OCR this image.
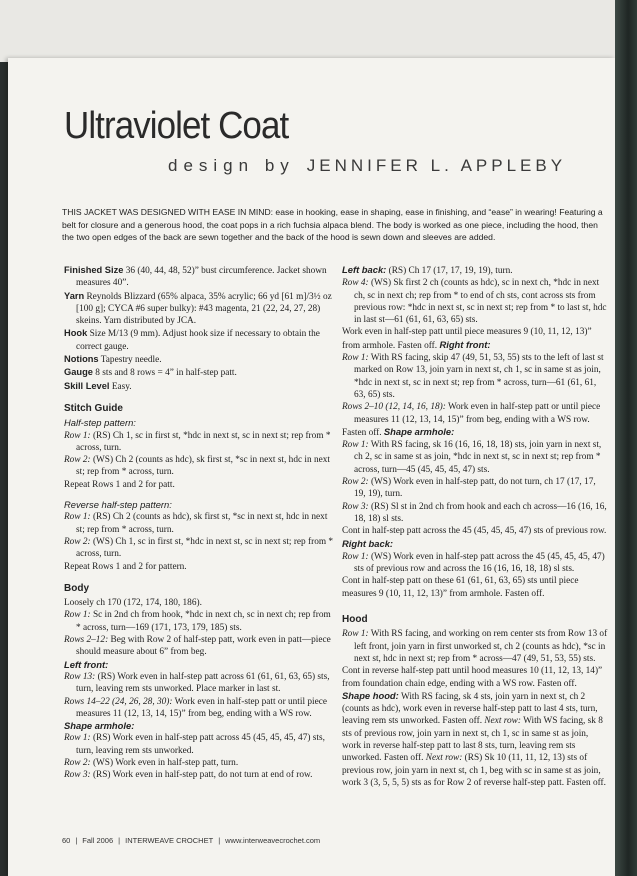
Ultraviolet Coat
design by JENNIFER L. APPLEBY
THIS JACKET WAS DESIGNED WITH EASE IN MIND: ease in hooking, ease in shaping, ease in finishing, and “ease” in wearing! Featuring a belt for closure and a generous hood, the coat pops in a rich fuchsia alpaca blend. The body is worked as one piece, including the hood, then the two open edges of the back are sewn together and the back of the hood is sewn down and sleeves are added.

Finished Size 36 (40, 44, 48, 52)” bust circumference. Jacket shown measures 40”.

Yarn Reynolds Blizzard (65% alpaca, 35% acrylic; 66 yd [61 m]/3½ oz [100 g]; CYCA #6 super bulky): #43 magenta, 21 (22, 24, 27, 28) skeins. Yarn distributed by JCA.

Hook Size M/13 (9 mm). Adjust hook size if necessary to obtain the correct gauge.

Notions Tapestry needle.

Gauge 8 sts and 8 rows = 4” in half-step patt.

Skill Level Easy.

Stitch Guide

Half-step pattern:

Row 1: (RS) Ch 1, sc in first st, *hdc in next st, sc in next st; rep from * across, turn.

Row 2: (WS) Ch 2 (counts as hdc), sk first st, *sc in next st, hdc in next st; rep from * across, turn.

Repeat Rows 1 and 2 for patt.

Reverse half-step pattern:

Row 1: (RS) Ch 2 (counts as hdc), sk first st, *sc in next st, hdc in next st; rep from * across, turn.

Row 2: (WS) Ch 1, sc in first st, *hdc in next st, sc in next st; rep from * across, turn.

Repeat Rows 1 and 2 for pattern.

Body

Loosely ch 170 (172, 174, 180, 186).

Row 1: Sc in 2nd ch from hook, *hdc in next ch, sc in next ch; rep from * across, turn—169 (171, 173, 179, 185) sts.

Rows 2–12: Beg with Row 2 of half-step patt, work even in patt—piece should measure about 6” from beg.

Left front:

Row 13: (RS) Work even in half-step patt across 61 (61, 61, 63, 65) sts, turn, leaving rem sts unworked. Place marker in last st.

Rows 14–22 (24, 26, 28, 30): Work even in half-step patt or until piece measures 11 (12, 13, 14, 15)” from beg, ending with a WS row.

Shape armhole:

Row 1: (RS) Work even in half-step patt across 45 (45, 45, 45, 47) sts, turn, leaving rem sts unworked.

Row 2: (WS) Work even in half-step patt, turn.

Row 3: (RS) Work even in half-step patt, do not turn at end of row.

Left back: (RS) Ch 17 (17, 17, 19, 19), turn.

Row 4: (WS) Sk first 2 ch (counts as hdc), sc in next ch, *hdc in next ch, sc in next ch; rep from * to end of ch sts, cont across sts from previous row: *hdc in next st, sc in next st; rep from * to last st, hdc in last st—61 (61, 61, 63, 65) sts.

Work even in half-step patt until piece measures 9 (10, 11, 12, 13)” from armhole. Fasten off. Right front:

Row 1: With RS facing, skip 47 (49, 51, 53, 55) sts to the left of last st marked on Row 13, join yarn in next st, ch 1, sc in same st as join, *hdc in next st, sc in next st; rep from * across, turn—61 (61, 61, 63, 65) sts.

Rows 2–10 (12, 14, 16, 18): Work even in half-step patt or until piece measures 11 (12, 13, 14, 15)” from beg, ending with a WS row.

Fasten off. Shape armhole:

Row 1: With RS facing, sk 16 (16, 16, 18, 18) sts, join yarn in next st, ch 2, sc in same st as join, *hdc in next st, sc in next st; rep from * across, turn—45 (45, 45, 45, 47) sts.

Row 2: (WS) Work even in half-step patt, do not turn, ch 17 (17, 17, 19, 19), turn.

Row 3: (RS) Sl st in 2nd ch from hook and each ch across—16 (16, 16, 18, 18) sl sts.

Cont in half-step patt across the 45 (45, 45, 45, 47) sts of previous row. Right back:

Row 1: (WS) Work even in half-step patt across the 45 (45, 45, 45, 47) sts of previous row and across the 16 (16, 16, 18, 18) sl sts.

Cont in half-step patt on these 61 (61, 61, 63, 65) sts until piece measures 9 (10, 11, 12, 13)” from armhole. Fasten off.

Hood

Row 1: With RS facing, and working on rem center sts from Row 13 of left front, join yarn in first unworked st, ch 2 (counts as hdc), *sc in next st, hdc in next st; rep from * across—47 (49, 51, 53, 55) sts.

Cont in reverse half-step patt until hood measures 10 (11, 12, 13, 14)” from foundation chain edge, ending with a WS row. Fasten off.

Shape hood: With RS facing, sk 4 sts, join yarn in next st, ch 2 (counts as hdc), work even in reverse half-step patt to last 4 sts, turn, leaving rem sts unworked. Fasten off. Next row: With WS facing, sk 8 sts of previous row, join yarn in next st, ch 1, sc in same st as join, work in reverse half-step patt to last 8 sts, turn, leaving rem sts unworked. Fasten off. Next row: (RS) Sk 10 (11, 11, 12, 13) sts of previous row, join yarn in next st, ch 1, beg with sc in same st as join, work 3 (3, 5, 5, 5) sts as for Row 2 of reverse half-step patt. Fasten off.

60 | Fall 2006 | INTERWEAVE CROCHET | www.interweavecrochet.com
